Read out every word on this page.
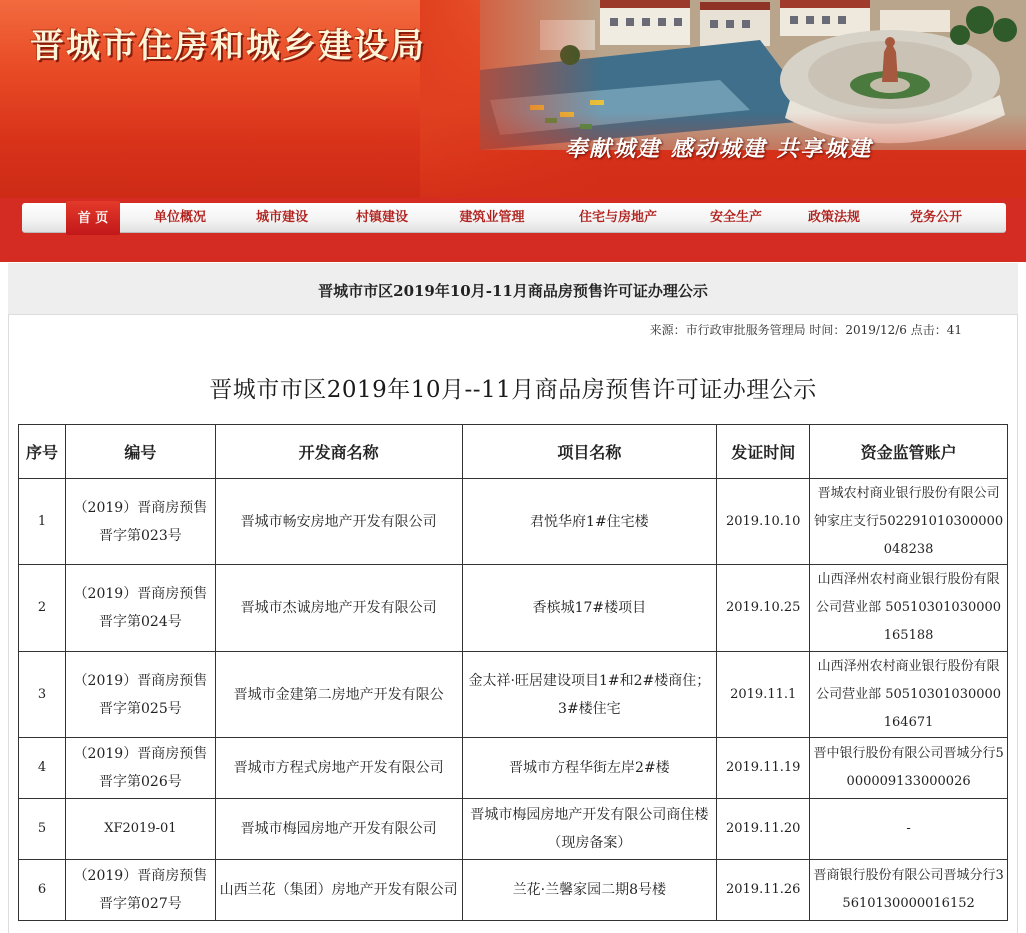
晋城市住房和城乡建设局
奉献城建 感动城建 共享城建
首 页	单位概况	城市建设	村镇建设	建筑业管理	住宅与房地产	安全生产	政策法规	党务公开
晋城市市区2019年10月-11月商品房预售许可证办理公示
来源：市行政审批服务管理局 时间：2019/12/6 点击：41
晋城市市区2019年10月--11月商品房预售许可证办理公示
序号	编号	开发商名称	项目名称	发证时间	资金监管账户
1	（2019）晋商房预售晋字第023号	晋城市畅安房地产开发有限公司	君悦华府1#住宅楼	2019.10.10	晋城农村商业银行股份有限公司钟家庄支行502291010300000048238
2	（2019）晋商房预售晋字第024号	晋城市杰诚房地产开发有限公司	香槟城17#楼项目	2019.10.25	山西泽州农村商业银行股份有限公司营业部 50510301030000165188
3	（2019）晋商房预售晋字第025号	晋城市金建第二房地产开发有限公	金太祥·旺居建设项目1#和2#楼商住；3#楼住宅	2019.11.1	山西泽州农村商业银行股份有限公司营业部 50510301030000164671
4	（2019）晋商房预售晋字第026号	晋城市方程式房地产开发有限公司	晋城市方程华街左岸2#楼	2019.11.19	晋中银行股份有限公司晋城分行5000009133000026
5	XF2019-01	晋城市梅园房地产开发有限公司	晋城市梅园房地产开发有限公司商住楼（现房备案）	2019.11.20	-
6	（2019）晋商房预售晋字第027号	山西兰花（集团）房地产开发有限公司	兰花·兰馨家园二期8号楼	2019.11.26	晋商银行股份有限公司晋城分行35610130000016152
